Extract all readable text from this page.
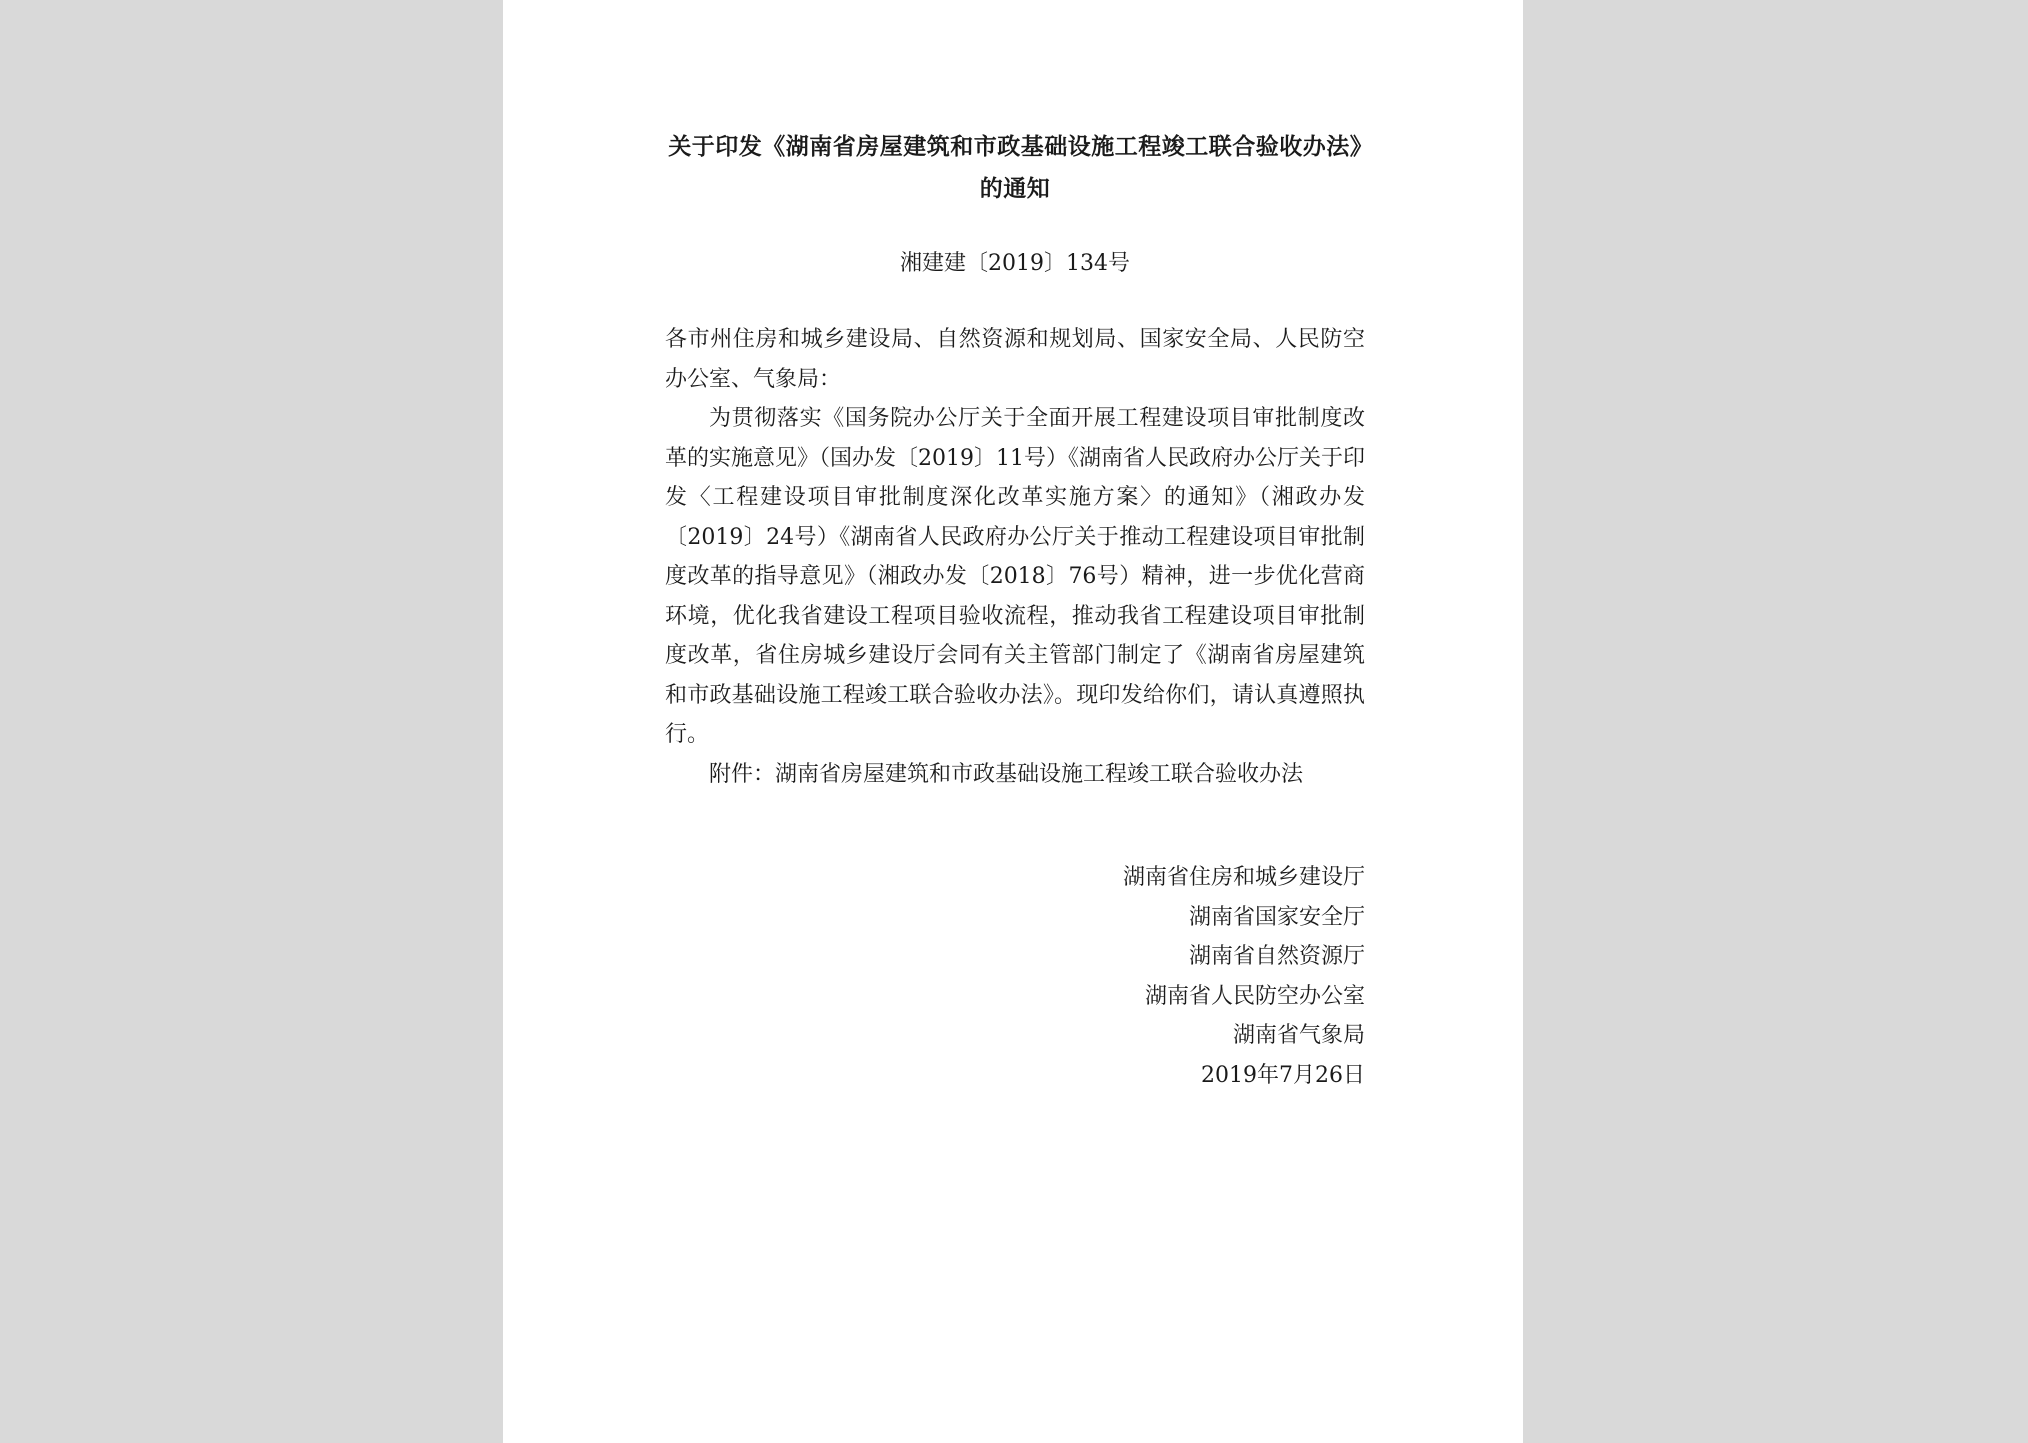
关于印发《湖南省房屋建筑和市政基础设施工程竣工联合验收办法》的通知
湘建建〔2019〕134号

各市州住房和城乡建设局、自然资源和规划局、国家安全局、人民防空办公室、气象局：

为贯彻落实《国务院办公厅关于全面开展工程建设项目审批制度改革的实施意见》（国办发〔2019〕11号）《湖南省人民政府办公厅关于印发〈工程建设项目审批制度深化改革实施方案〉的通知》（湘政办发〔2019〕24号）《湖南省人民政府办公厅关于推动工程建设项目审批制度改革的指导意见》（湘政办发〔2018〕76号）精神，进一步优化营商环境，优化我省建设工程项目验收流程，推动我省工程建设项目审批制度改革，省住房城乡建设厅会同有关主管部门制定了《湖南省房屋建筑和市政基础设施工程竣工联合验收办法》。现印发给你们，请认真遵照执行。

附件：湖南省房屋建筑和市政基础设施工程竣工联合验收办法

湖南省住房和城乡建设厅
湖南省国家安全厅
湖南省自然资源厅
湖南省人民防空办公室
湖南省气象局
2019年7月26日
